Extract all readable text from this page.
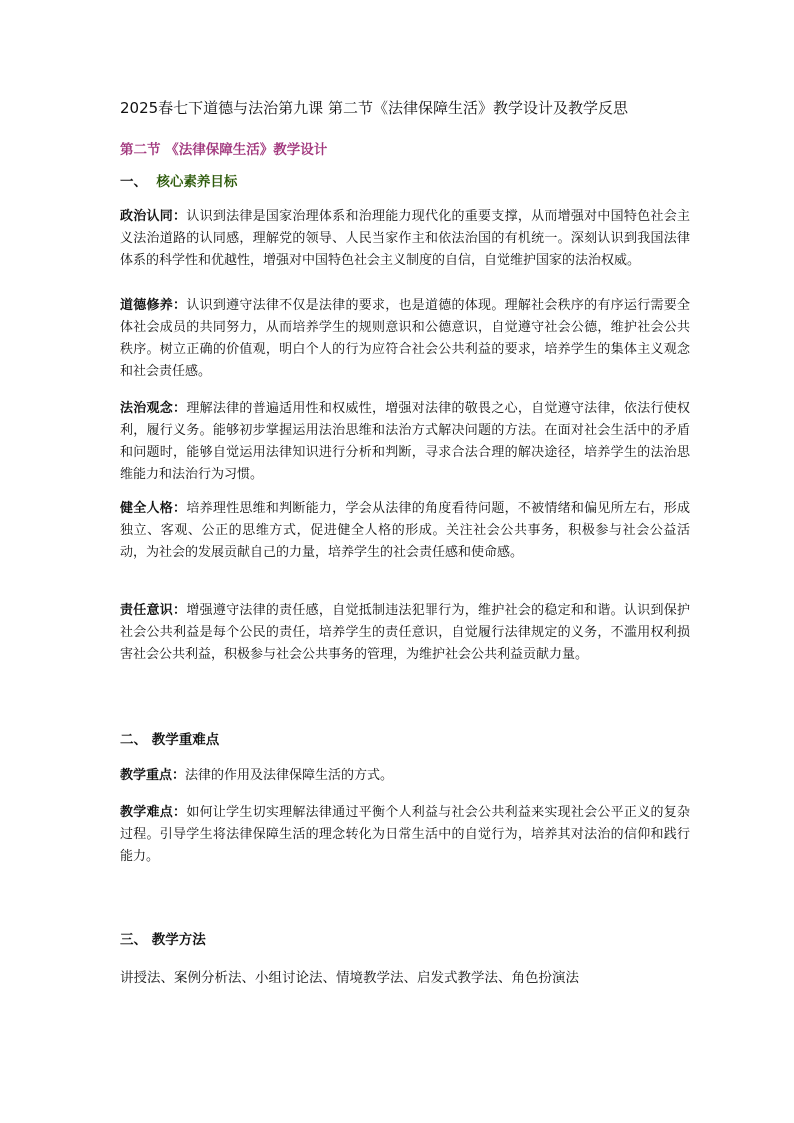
2025春七下道德与法治第九课 第二节《法律保障生活》教学设计及教学反思
第二节 《法律保障生活》教学设计
一、 核心素养目标
政治认同：认识到法律是国家治理体系和治理能力现代化的重要支撑，从而增强对中国特色社会主义法治道路的认同感，理解党的领导、人民当家作主和依法治国的有机统一。深刻认识到我国法律体系的科学性和优越性，增强对中国特色社会主义制度的自信，自觉维护国家的法治权威。
道德修养：认识到遵守法律不仅是法律的要求，也是道德的体现。理解社会秩序的有序运行需要全体社会成员的共同努力，从而培养学生的规则意识和公德意识，自觉遵守社会公德，维护社会公共秩序。树立正确的价值观，明白个人的行为应符合社会公共利益的要求，培养学生的集体主义观念和社会责任感。
法治观念：理解法律的普遍适用性和权威性，增强对法律的敬畏之心，自觉遵守法律，依法行使权利，履行义务。能够初步掌握运用法治思维和法治方式解决问题的方法。在面对社会生活中的矛盾和问题时，能够自觉运用法律知识进行分析和判断，寻求合法合理的解决途径，培养学生的法治思维能力和法治行为习惯。
健全人格：培养理性思维和判断能力，学会从法律的角度看待问题，不被情绪和偏见所左右，形成独立、客观、公正的思维方式，促进健全人格的形成。关注社会公共事务，积极参与社会公益活动，为社会的发展贡献自己的力量，培养学生的社会责任感和使命感。
责任意识：增强遵守法律的责任感，自觉抵制违法犯罪行为，维护社会的稳定和和谐。认识到保护社会公共利益是每个公民的责任，培养学生的责任意识，自觉履行法律规定的义务，不滥用权利损害社会公共利益，积极参与社会公共事务的管理，为维护社会公共利益贡献力量。
二、 教学重难点
教学重点：法律的作用及法律保障生活的方式。
教学难点：如何让学生切实理解法律通过平衡个人利益与社会公共利益来实现社会公平正义的复杂过程。引导学生将法律保障生活的理念转化为日常生活中的自觉行为，培养其对法治的信仰和践行能力。
三、 教学方法
讲授法、案例分析法、小组讨论法、情境教学法、启发式教学法、角色扮演法
